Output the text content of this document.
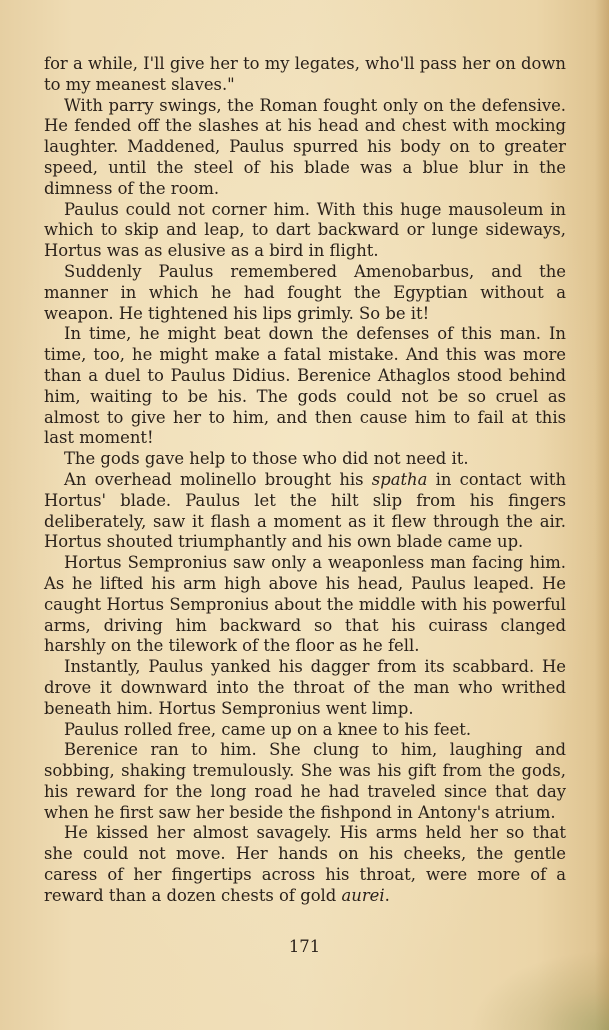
for a while, I'll give her to my legates, who'll pass her on down to my meanest slaves."

With parry swings, the Roman fought only on the defensive. He fended off the slashes at his head and chest with mocking laughter. Maddened, Paulus spurred his body on to greater speed, until the steel of his blade was a blue blur in the dimness of the room.

Paulus could not corner him. With this huge mausoleum in which to skip and leap, to dart backward or lunge sideways, Hortus was as elusive as a bird in flight.

Suddenly Paulus remembered Amenobarbus, and the manner in which he had fought the Egyptian without a weapon. He tightened his lips grimly. So be it!

In time, he might beat down the defenses of this man. In time, too, he might make a fatal mistake. And this was more than a duel to Paulus Didius. Berenice Athaglos stood behind him, waiting to be his. The gods could not be so cruel as almost to give her to him, and then cause him to fail at this last moment!

The gods gave help to those who did not need it.

An overhead molinello brought his spatha in contact with Hortus' blade. Paulus let the hilt slip from his fingers deliberately, saw it flash a moment as it flew through the air. Hortus shouted triumphantly and his own blade came up.

Hortus Sempronius saw only a weaponless man facing him. As he lifted his arm high above his head, Paulus leaped. He caught Hortus Sempronius about the middle with his powerful arms, driving him backward so that his cuirass clanged harshly on the tilework of the floor as he fell.

Instantly, Paulus yanked his dagger from its scabbard. He drove it downward into the throat of the man who writhed beneath him. Hortus Sempronius went limp.

Paulus rolled free, came up on a knee to his feet.

Berenice ran to him. She clung to him, laughing and sobbing, shaking tremulously. She was his gift from the gods, his reward for the long road he had traveled since that day when he first saw her beside the fishpond in Antony's atrium.

He kissed her almost savagely. His arms held her so that she could not move. Her hands on his cheeks, the gentle caress of her fingertips across his throat, were more of a reward than a dozen chests of gold aurei.

171
